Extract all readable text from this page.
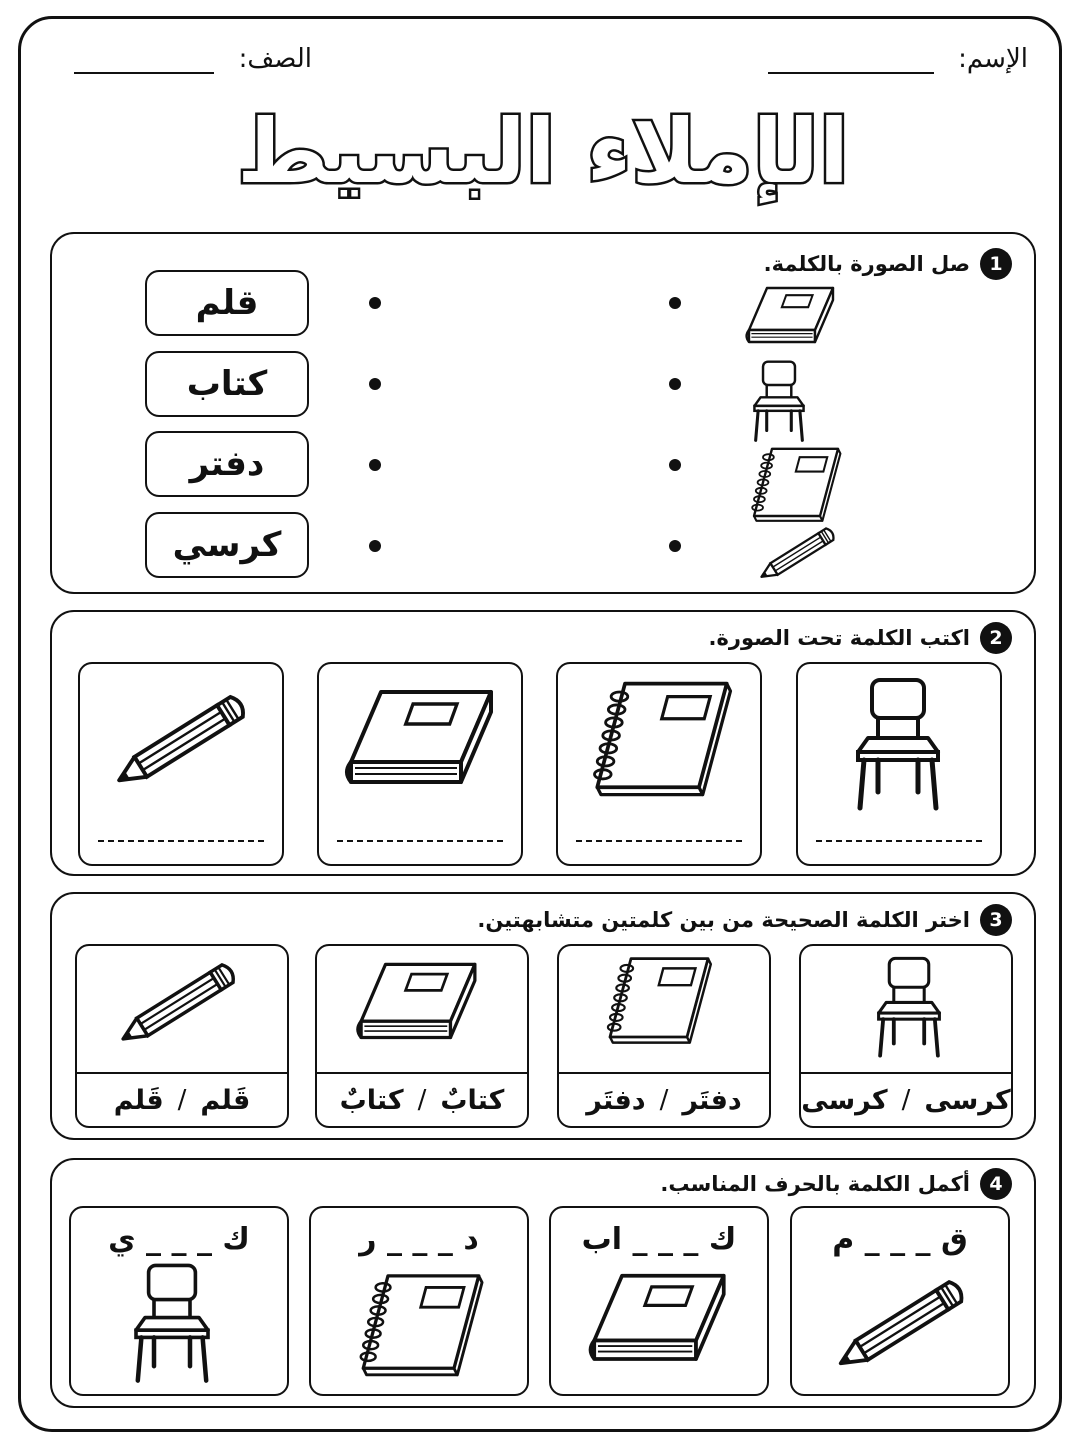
الإسم:
الصف:
الإملاء البسيط
1
صل الصورة بالكلمة.
قلم
كتاب
دفتر
كرسي
2
اكتب الكلمة تحت الصورة.
3
اختر الكلمة الصحيحة من بين كلمتين متشابهتين.
قَلم
/
قَلم	كتابٌ
/
كتابٌ	دفتَر
/
دفتَر	كرسى
/
كرسى
4
أكمل الكلمة بالحرف المناسب.
ك _ _ _ ي	د _ _ _ ر	ك _ _ _ اب	ق _ _ _ م
